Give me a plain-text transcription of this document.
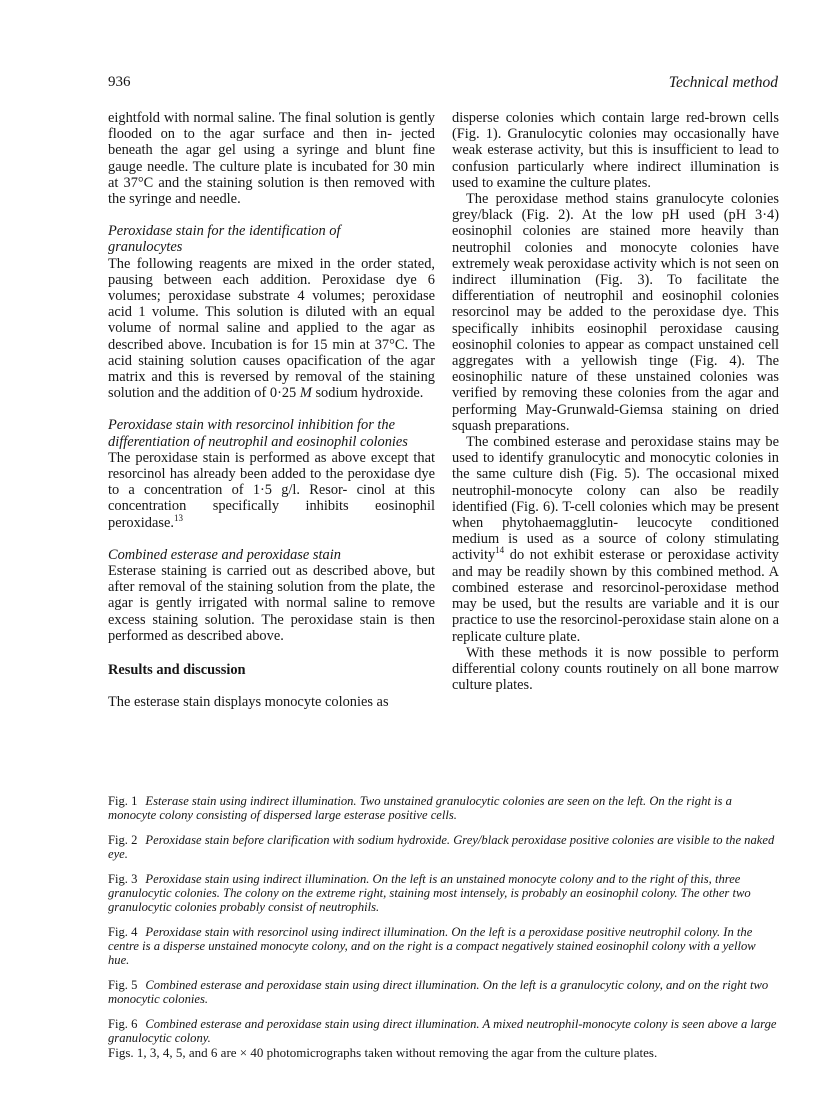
936	Technical method

eightfold with normal saline. The final solution is gently flooded on to the agar surface and then in- jected beneath the agar gel using a syringe and blunt fine gauge needle. The culture plate is incubated for 30 min at 37°C and the staining solution is then removed with the syringe and needle.

Peroxidase stain for the identification of
granulocytes

The following reagents are mixed in the order stated, pausing between each addition. Peroxidase dye 6 volumes; peroxidase substrate 4 volumes; peroxidase acid 1 volume. This solution is diluted with an equal volume of normal saline and applied to the agar as described above. Incubation is for 15 min at 37°C. The acid staining solution causes opacification of the agar matrix and this is reversed by removal of the staining solution and the addition of 0·25 M sodium hydroxide.

Peroxidase stain with resorcinol inhibition for the differentiation of neutrophil and eosinophil colonies

The peroxidase stain is performed as above except that resorcinol has already been added to the peroxidase dye to a concentration of 1·5 g/l. Resor- cinol at this concentration specifically inhibits eosinophil peroxidase.$^{13}$

Combined esterase and peroxidase stain

Esterase staining is carried out as described above, but after removal of the staining solution from the plate, the agar is gently irrigated with normal saline to remove excess staining solution. The peroxidase stain is then performed as described above.

Results and discussion

The esterase stain displays monocyte colonies as

disperse colonies which contain large red-brown cells (Fig. 1). Granulocytic colonies may occasionally have weak esterase activity, but this is insufficient to lead to confusion particularly where indirect illumination is used to examine the culture plates.

The peroxidase method stains granulocyte colonies grey/black (Fig. 2). At the low pH used (pH 3·4) eosinophil colonies are stained more heavily than neutrophil colonies and monocyte colonies have extremely weak peroxidase activity which is not seen on indirect illumination (Fig. 3). To facilitate the differentiation of neutrophil and eosinophil colonies resorcinol may be added to the peroxidase dye. This specifically inhibits eosinophil peroxidase causing eosinophil colonies to appear as compact unstained cell aggregates with a yellowish tinge (Fig. 4). The eosinophilic nature of these unstained colonies was verified by removing these colonies from the agar and performing May-Grunwald-Giemsa staining on dried squash preparations.

The combined esterase and peroxidase stains may be used to identify granulocytic and monocytic colonies in the same culture dish (Fig. 5). The occasional mixed neutrophil-monocyte colony can also be readily identified (Fig. 6). T-cell colonies which may be present when phytohaemagglutin- leucocyte conditioned medium is used as a source of colony stimulating activity$^{14}$ do not exhibit esterase or peroxidase activity and may be readily shown by this combined method. A combined esterase and resorcinol-peroxidase method may be used, but the results are variable and it is our practice to use the resorcinol-peroxidase stain alone on a replicate culture plate.

With these methods it is now possible to perform differential colony counts routinely on all bone marrow culture plates.

Fig. 1 Esterase stain using indirect illumination. Two unstained granulocytic colonies are seen on the left. On the right is a monocyte colony consisting of dispersed large esterase positive cells.

Fig. 2 Peroxidase stain before clarification with sodium hydroxide. Grey/black peroxidase positive colonies are visible to the naked eye.

Fig. 3 Peroxidase stain using indirect illumination. On the left is an unstained monocyte colony and to the right of this, three granulocytic colonies. The colony on the extreme right, staining most intensely, is probably an eosinophil colony. The other two granulocytic colonies probably consist of neutrophils.

Fig. 4 Peroxidase stain with resorcinol using indirect illumination. On the left is a peroxidase positive neutrophil colony. In the centre is a disperse unstained monocyte colony, and on the right is a compact negatively stained eosinophil colony with a yellow hue.

Fig. 5 Combined esterase and peroxidase stain using direct illumination. On the left is a granulocytic colony, and on the right two monocytic colonies.

Fig. 6 Combined esterase and peroxidase stain using direct illumination. A mixed neutrophil-monocyte colony is seen above a large granulocytic colony.

Figs. 1, 3, 4, 5, and 6 are × 40 photomicrographs taken without removing the agar from the culture plates.
